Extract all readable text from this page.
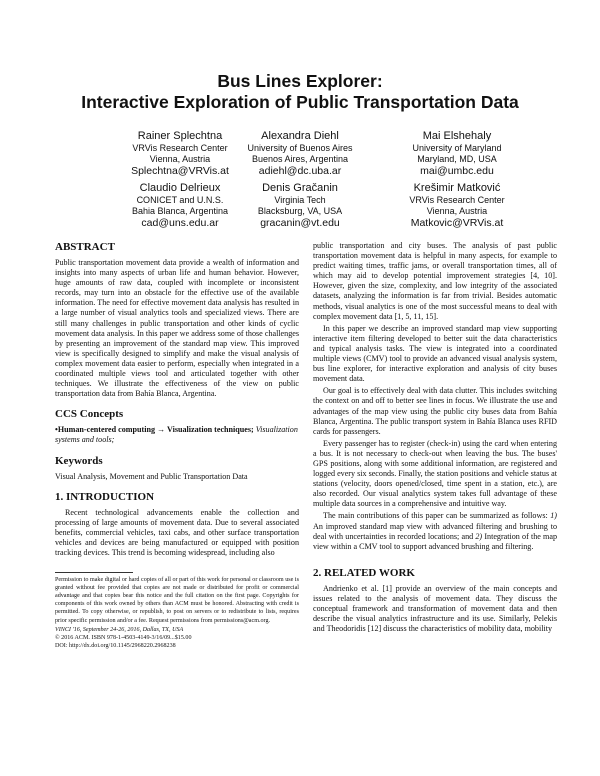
Bus Lines Explorer:
Interactive Exploration of Public Transportation Data
Rainer Splechtna
VRVis Research Center
Vienna, Austria
Splechtna@VRVis.at
Alexandra Diehl
University of Buenos Aires
Buenos Aires, Argentina
adiehl@dc.uba.ar
Mai Elshehaly
University of Maryland
Maryland, MD, USA
mai@umbc.edu
Claudio Delrieux
CONICET and U.N.S.
Bahia Blanca, Argentina
cad@uns.edu.ar
Denis Gračanin
Virginia Tech
Blacksburg, VA, USA
gracanin@vt.edu
Krešimir Matković
VRVis Research Center
Vienna, Austria
Matkovic@VRVis.at
ABSTRACT

Public transportation movement data provide a wealth of information and insights into many aspects of urban life and human behavior. However, huge amounts of raw data, coupled with incomplete or inconsistent records, may turn into an obstacle for the effective use of the available information. The need for effective movement data analysis has resulted in a large number of visual analytics tools and specialized views. There are still many challenges in public transportation and other kinds of cyclic movement data analysis. In this paper we address some of those challenges by presenting an improvement of the standard map view. This improved view is specifically designed to simplify and make the visual analysis of complex movement data easier to perform, especially when integrated in a coordinated multiple views tool and articulated together with other techniques. We illustrate the effectiveness of the view on public transportation data from Bahía Blanca, Argentina.

CCS Concepts

•Human-centered computing → Visualization techniques; Visualization systems and tools;

Keywords

Visual Analysis, Movement and Public Transportation Data

1. INTRODUCTION

Recent technological advancements enable the collection and processing of large amounts of movement data. Due to several associated benefits, commercial vehicles, taxi cabs, and other surface transportation vehicles and devices are being manufactured or equipped with position tracking devices. This trend is becoming widespread, including also

Permission to make digital or hard copies of all or part of this work for personal or classroom use is granted without fee provided that copies are not made or distributed for profit or commercial advantage and that copies bear this notice and the full citation on the first page. Copyrights for components of this work owned by others than ACM must be honored. Abstracting with credit is permitted. To copy otherwise, or republish, to post on servers or to redistribute to lists, requires prior specific permission and/or a fee. Request permissions from permissions@acm.org.

VINCI '16, September 24-26, 2016, Dallas, TX, USA

© 2016 ACM. ISBN 978-1-4503-4149-3/16/09...$15.00

DOI: http://dx.doi.org/10.1145/2968220.2968238

public transportation and city buses. The analysis of past public transportation movement data is helpful in many aspects, for example to predict waiting times, traffic jams, or overall transportation times, all of which may aid to develop potential improvement strategies [4, 10]. However, given the size, complexity, and low integrity of the associated datasets, analyzing the information is far from trivial. Besides automatic methods, visual analytics is one of the most successful means to deal with complex movement data [1, 5, 11, 15].

In this paper we describe an improved standard map view supporting interactive item filtering developed to better suit the data characteristics and typical analysis tasks. The view is integrated into a coordinated multiple views (CMV) tool to provide an advanced visual analysis system, bus line explorer, for interactive exploration and analysis of city buses movement data.

Our goal is to effectively deal with data clutter. This includes switching the context on and off to better see lines in focus. We illustrate the use and advantages of the map view using the public city buses data from Bahía Blanca, Argentina. The public transport system in Bahía Blanca uses RFID cards for passengers.

Every passenger has to register (check-in) using the card when entering a bus. It is not necessary to check-out when leaving the bus. The buses' GPS positions, along with some additional information, are registered and logged every six seconds. Finally, the station positions and vehicle status at stations (velocity, doors opened/closed, time spent in a station, etc.), are also recorded. Our visual analytics system takes full advantage of these multiple data sources in a comprehensive and intuitive way.

The main contributions of this paper can be summarized as follows: 1) An improved standard map view with advanced filtering and brushing to deal with uncertainties in recorded locations; and 2) Integration of the map view within a CMV tool to support advanced brushing and filtering.

2. RELATED WORK

Andrienko et al. [1] provide an overview of the main concepts and issues related to the analysis of movement data. They discuss the conceptual framework and transformation of movement data and then describe the visual analytics infrastructure and its use. Similarly, Pelekis and Theodoridis [12] discuss the characteristics of mobility data, mobility
